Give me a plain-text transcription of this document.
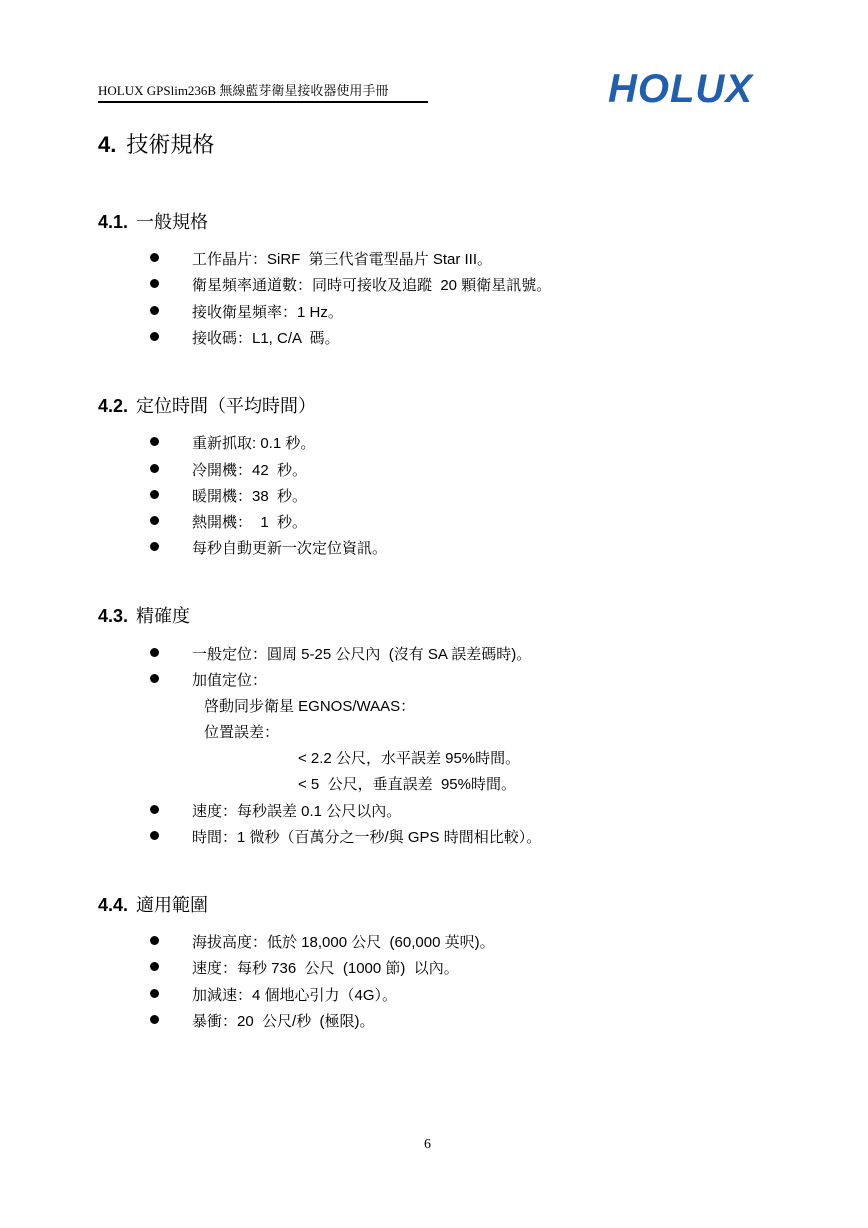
HOLUX GPSlim236B 無線藍芽衛星接收器使用手冊	HOLUX
4. 技術規格
4.1. 一般規格
工作晶片：SiRF  第三代省電型晶片 Star III。
衛星頻率通道數：同時可接收及追蹤  20 顆衛星訊號。
接收衛星頻率：1 Hz。
接收碼：L1, C/A  碼。
4.2. 定位時間（平均時間）
重新抓取: 0.1 秒。
冷開機：42  秒。
暖開機：38  秒。
熱開機：  1  秒。
每秒自動更新一次定位資訊。
4.3. 精確度
一般定位：圓周 5-25 公尺內  (沒有 SA 誤差碼時)。
加值定位：
啓動同步衛星 EGNOS/WAAS：
位置誤差：
< 2.2 公尺，水平誤差 95%時間。
< 5  公尺，垂直誤差  95%時間。
速度：每秒誤差 0.1 公尺以內。
時間：1 微秒（百萬分之一秒/與 GPS 時間相比較）。
4.4. 適用範圍
海拔高度：低於 18,000 公尺  (60,000 英呎)。
速度：每秒 736  公尺  (1000 節)  以內。
加減速：4 個地心引力（4G）。
暴衝：20  公尺/秒  (極限)。
6
